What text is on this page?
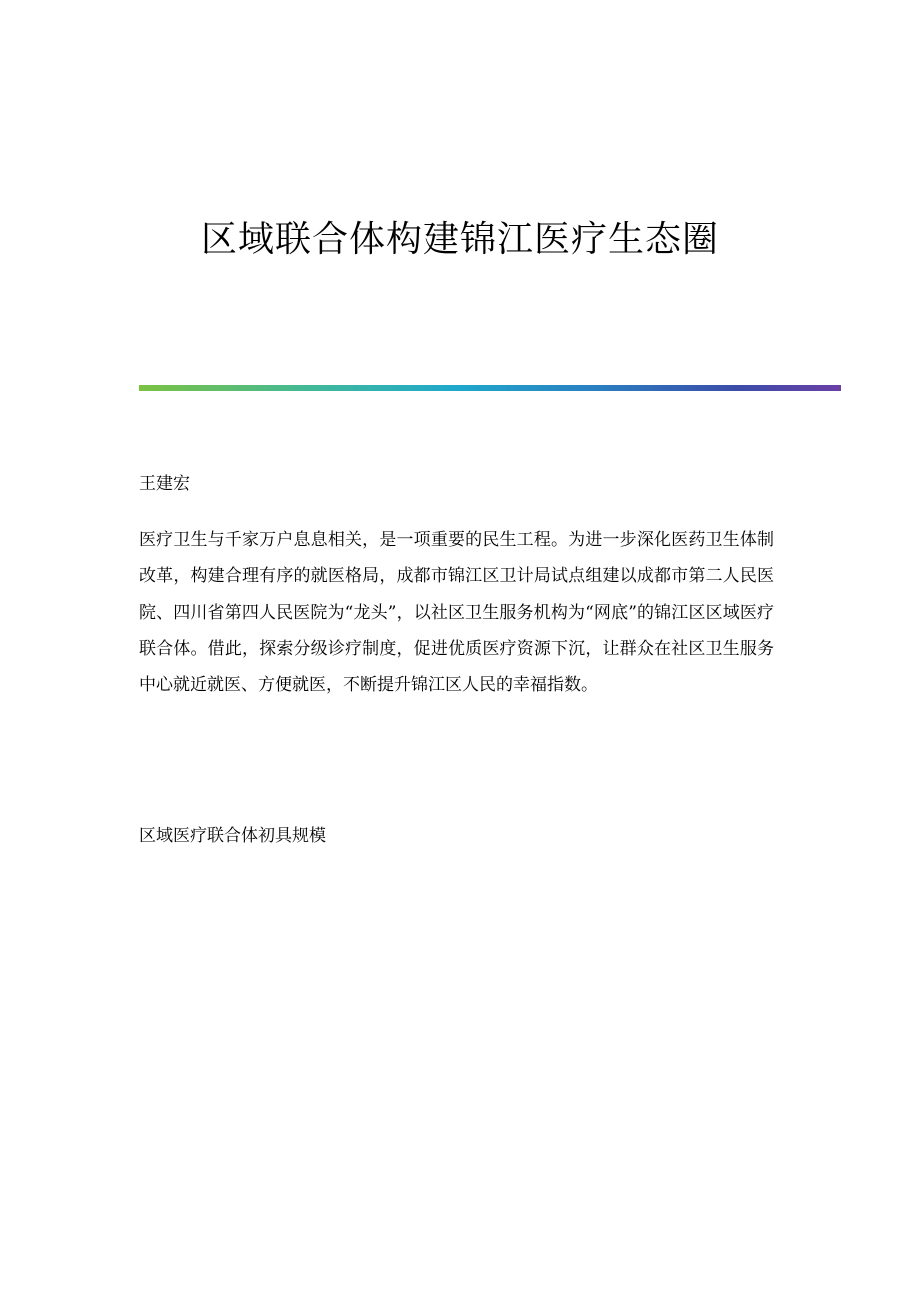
区域联合体构建锦江医疗生态圈

王建宏

医疗卫生与千家万户息息相关，是一项重要的民生工程。为进一步深化医药卫生体制改革，构建合理有序的就医格局，成都市锦江区卫计局试点组建以成都市第二人民医院、四川省第四人民医院为“龙头”，以社区卫生服务机构为“网底”的锦江区区域医疗联合体。借此，探索分级诊疗制度，促进优质医疗资源下沉，让群众在社区卫生服务中心就近就医、方便就医，不断提升锦江区人民的幸福指数。

区域医疗联合体初具规模
